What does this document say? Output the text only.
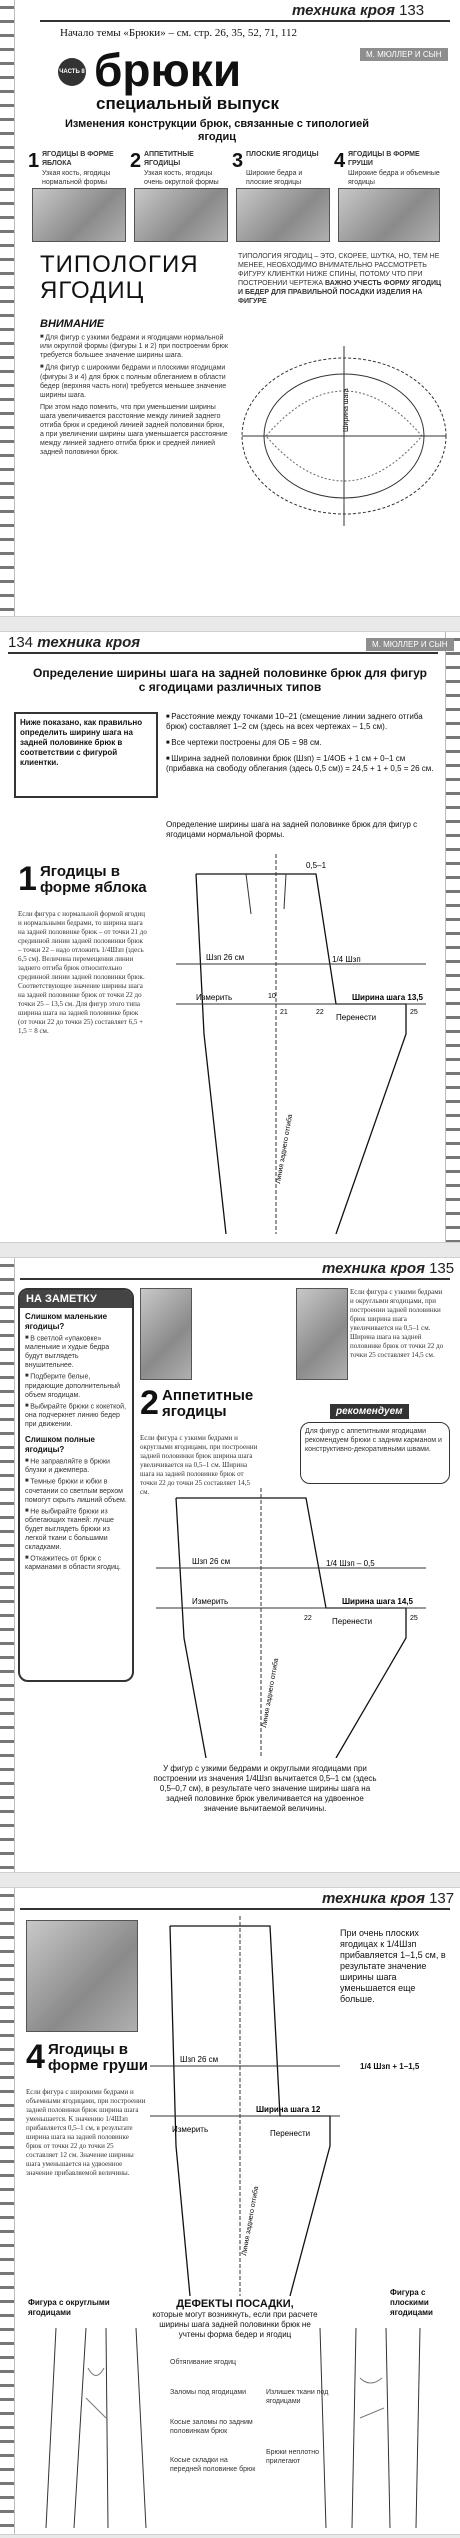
техника кроя 133
Начало темы «Брюки» – см. стр. 26, 35, 52, 71, 112
М. МЮЛЛЕР И СЫН
ЧАСТЬ 8 брюки
специальный выпуск
Изменения конструкции брюк, связанные с типологией ягодиц
1 ЯГОДИЦЫ В ФОРМЕ ЯБЛОКА
Узкая кость, ягодицы нормальной формы
2 АППЕТИТНЫЕ ЯГОДИЦЫ
Узкая кость, ягодицы очень округлой формы
3 ПЛОСКИЕ ЯГОДИЦЫ
Широкие бедра и плоские ягодицы
4 ЯГОДИЦЫ В ФОРМЕ ГРУШИ
Широкие бедра и объемные ягодицы
ТИПОЛОГИЯ
ЯГОДИЦ
ТИПОЛОГИЯ ЯГОДИЦ – ЭТО, СКОРЕЕ, ШУТКА, НО, ТЕМ НЕ МЕНЕЕ, НЕОБХОДИМО ВНИМАТЕЛЬНО РАССМОТРЕТЬ ФИГУРУ КЛИЕНТКИ НИЖЕ СПИНЫ, ПОТОМУ ЧТО ПРИ ПОСТРОЕНИИ ЧЕРТЕЖА ВАЖНО УЧЕСТЬ ФОРМУ ЯГОДИЦ И БЕДЕР ДЛЯ ПРАВИЛЬНОЙ ПОСАДКИ ИЗДЕЛИЯ НА ФИГУРЕ
ВНИМАНИЕ
■ Для фигур с узкими бедрами и ягодицами нормальной или округлой формы (фигуры 1 и 2) при построении брюк требуется большее значение ширины шага.
■ Для фигур с широкими бедрами и плоскими ягодицами (фигуры 3 и 4) для брюк с полным облеганием в области бедер (верхняя часть ноги) требуется меньшее значение ширины шага.
При этом надо помнить, что при уменьшении ширины шага увеличивается расстояние между линией заднего отгиба брюк и срединой линией задней половинки брюк, а при увеличении ширины шага уменьшается расстояние между линией заднего отгиба брюк и средней линией задней половинки брюк.
Ширина шага
134 техника кроя	М. МЮЛЛЕР И СЫН
Определение ширины шага на задней половинке брюк для фигур с ягодицами различных типов
Ниже показано, как правильно определить ширину шага на задней половинке брюк в соответствии с фигурой клиентки.
■ Расстояние между точками 10–21 (смещение линии заднего отгиба брюк) составляет 1–2 см (здесь на всех чертежах – 1,5 см).
■ Все чертежи построены для ОБ = 98 см.
■ Ширина задней половинки брюк (Шзп) = 1/4ОБ + 1 см + 0–1 см (прибавка на свободу облегания (здесь 0,5 см)) = 24,5 + 1 + 0,5 = 26 см.
Определение ширины шага на задней половинке брюк для фигур с ягодицами нормальной формы.
1 Ягодицы в форме яблока
Если фигура с нормальной формой ягодиц и нормальными бедрами, то ширина шага на задней половинке брюк – от точки 21 до срединной линии задней половинки брюк – точки 22 – надо отложить 1/4Шзп (здесь 6,5 см). Величина перемещения линии заднего отгиба брюк относительно срединной линии задней половинки брюк. Соответствующее значение ширины шага на задней половинке брюк от точки 22 до точки 25 – 13,5 см. Для фигур этого типа ширина шага на задней половинке брюк (от точки 22 до точки 25) составляет 6,5 + 1,5 = 8 см.
0,5–1
Шзп 26 см	1/4 Шзп
Ширина шага 13,5
Измерить
Перенести
Линия заднего отгиба
10
21	22	25
техника кроя 135
НА ЗАМЕТКУ
Слишком маленькие ягодицы?
■ В светлой «упаковке» маленькие и худые бедра будут выглядеть внушительнее.
■ Подберите белые, придающие дополнительный объем ягодицам.
■ Выбирайте брюки с кокеткой, она подчеркнет линию бедер при движении.
Слишком полные ягодицы?
■ Не заправляйте в брюки блузки и джемпера.
■ Темные брюки и юбки в сочетании со светлым верхом помогут скрыть лишний объем.
■ Не выбирайте брюки из облегающих тканей: лучше будет выглядеть брюки из легкой ткани с большими складками.
■ Откажитесь от брюк с карманами в области ягодиц.
2 Аппетитные ягодицы
Если фигура с узкими бедрами и округлыми ягодицами, при построении задней половинки брюк ширина шага увеличивается на 0,5–1 см. Ширина шага на задней половинке брюк от точки 22 до точки 25 составляет 14,5 см.
Если фигура с узкими бедрами и округлыми ягодицами, при построении задней половинки брюк ширина шага увеличивается на 0,5–1 см. Ширина шага на задней половинке брюк от точки 22 до точки 25 составляет 14,5 см.
рекомендуем
Для фигур с аппетитными ягодицами рекомендуем брюки с задним карманом и конструктивно-декоративными швами.
Шзп 26 см	1/4 Шзп – 0,5
Ширина шага 14,5
Измерить
Перенести
Линия заднего отгиба
22	25
У фигур с узкими бедрами и округлыми ягодицами при построении из значения 1/4Шзп вычитается 0,5–1 см (здесь 0,5–0,7 см), в результате чего значение ширины шага на задней половинке брюк увеличивается на удвоенное значение вычитаемой величины.
техника кроя 137
При очень плоских ягодицах к 1/4Шзп прибавляется 1–1,5 см, в результате значение ширины шага уменьшается еще больше.
4 Ягодицы в форме груши
Если фигура с широкими бедрами и объемными ягодицами, при построении задней половинки брюк ширина шага уменьшается. К значению 1/4Шзп прибавляется 0,5–1 см, в результате ширина шага на задней половинке брюк от точки 22 до точки 25 составляет 12 см. Значение ширины шага уменьшается на удвоенное значение прибавляемой величины.
Шзп 26 см
Ширина шага 12
Измерить	Перенести
Линия заднего отгиба
1/4 Шзп + 1–1,5
ДЕФЕКТЫ ПОСАДКИ,
которые могут возникнуть, если при расчете ширины шага задней половинки брюк не учтены форма бедер и ягодиц
Фигура с округлыми ягодицами
Фигура с плоскими ягодицами
Обтягивание ягодиц
Заломы под ягодицами
Косые заломы по задним половинкам брюк
Косые складки на передней половинке брюк
Излишек ткани под ягодицами
Брюки неплотно прилегают
